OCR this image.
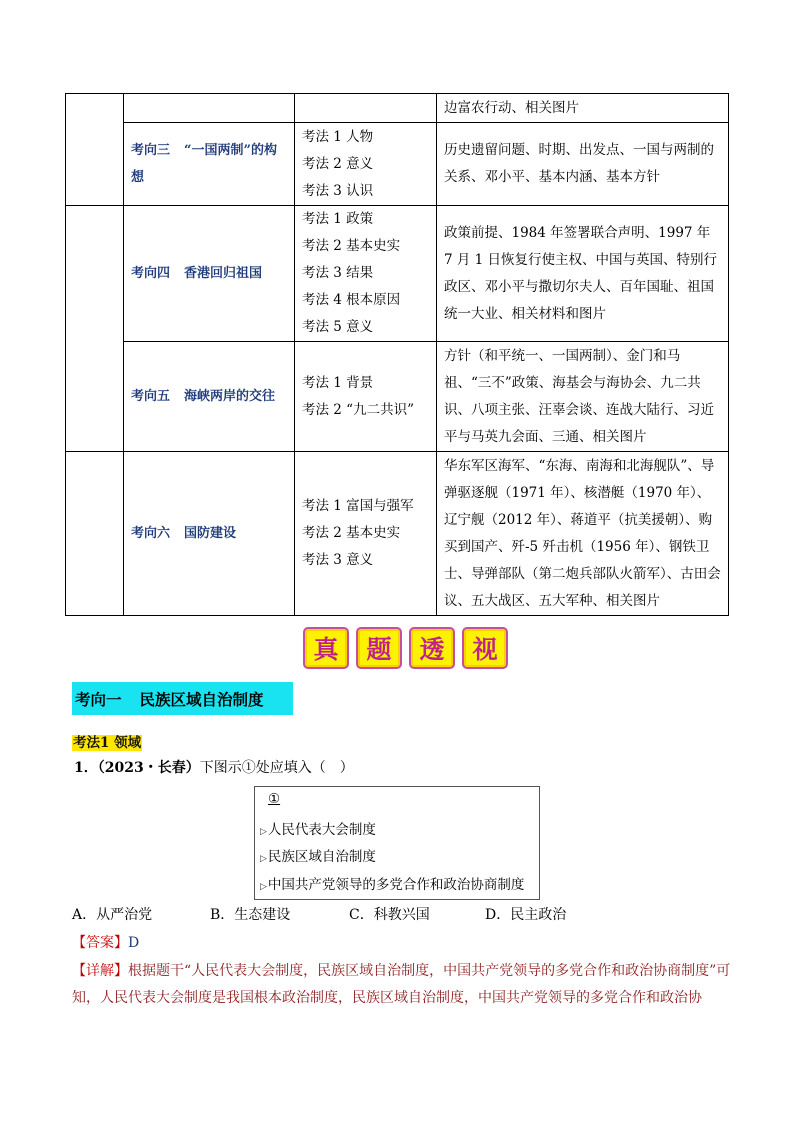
			边富农行动、相关图片
	考向三 “一国两制”的构想	考法 1 人物
考法 2 意义
考法 3 认识	历史遗留问题、时期、出发点、一国与两制的关系、邓小平、基本内涵、基本方针
	考向四 香港回归祖国	考法 1 政策
考法 2 基本史实
考法 3 结果
考法 4 根本原因
考法 5 意义	政策前提、1984 年签署联合声明、1997 年 7 月 1 日恢复行使主权、中国与英国、特别行政区、邓小平与撒切尔夫人、百年国耻、祖国统一大业、相关材料和图片
	考向五 海峡两岸的交往	考法 1 背景
考法 2 “九二共识”	方针（和平统一、一国两制）、金门和马祖、“三不”政策、海基会与海协会、九二共识、八项主张、汪辜会谈、连战大陆行、习近平与马英九会面、三通、相关图片
	考向六 国防建设	考法 1 富国与强军
考法 2 基本史实
考法 3 意义	华东军区海军、“东海、南海和北海舰队”、导弹驱逐舰（1971 年）、核潜艇（1970 年）、辽宁舰（2012 年）、蒋道平（抗美援朝）、购买到国产、歼-5 歼击机（1956 年）、钢铁卫士、导弹部队（第二炮兵部队火箭军）、古田会议、五大战区、五大军种、相关图片
真	题	透	视
考向一 民族区域自治制度
考法1 领域
1．（2023・长春）下图示①处应填入（　）
①
▷人民代表大会制度
▷民族区域自治制度
▷中国共产党领导的多党合作和政治协商制度
A．从严治党	B．生态建设	C．科教兴国	D．民主政治
【答案】D
【详解】根据题干“人民代表大会制度，民族区域自治制度，中国共产党领导的多党合作和政治协商制度”可知，人民代表大会制度是我国根本政治制度，民族区域自治制度，中国共产党领导的多党合作和政治协
